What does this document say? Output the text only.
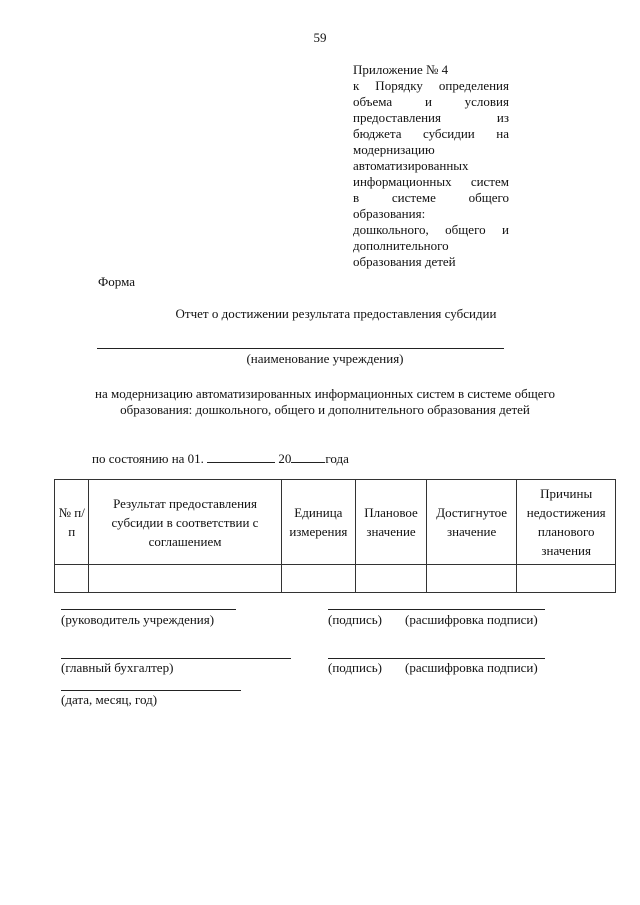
59
Приложение № 4
к Порядку определения
объема и условия
предоставления из
бюджета субсидии на
модернизацию
автоматизированных
информационных систем
в системе общего
образования:
дошкольного, общего и
дополнительного
образования детей
Форма
Отчет о достижении результата предоставления субсидии
(наименование учреждения)
на модернизацию автоматизированных информационных систем в системе общего
образования: дошкольного, общего и дополнительного образования детей
по состоянию на 01.	20	года
№ п/п	Результат предоставления субсидии в соответствии с соглашением	Единица измерения	Плановое значение	Достигнутое значение	Причины недостижения планового значения

(руководитель учреждения)	(подпись) (расшифровка подписи)
(главный бухгалтер)	(подпись) (расшифровка подписи)
(дата, месяц, год)
